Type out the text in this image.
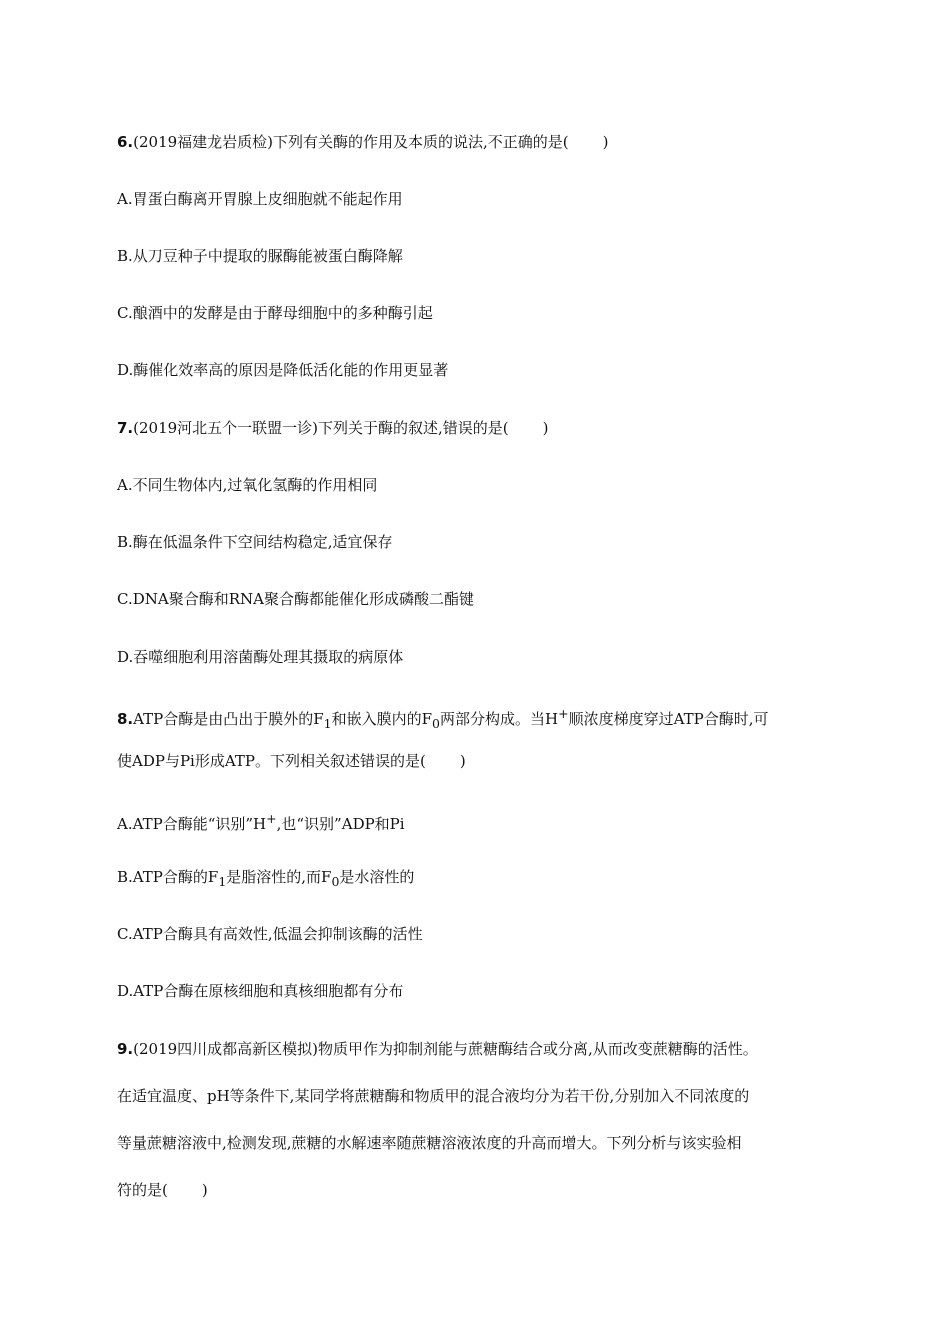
6.(2019福建龙岩质检)下列有关酶的作用及本质的说法,不正确的是( )
A.胃蛋白酶离开胃腺上皮细胞就不能起作用
B.从刀豆种子中提取的脲酶能被蛋白酶降解
C.酿酒中的发酵是由于酵母细胞中的多种酶引起
D.酶催化效率高的原因是降低活化能的作用更显著
7.(2019河北五个一联盟一诊)下列关于酶的叙述,错误的是( )
A.不同生物体内,过氧化氢酶的作用相同
B.酶在低温条件下空间结构稳定,适宜保存
C.DNA聚合酶和RNA聚合酶都能催化形成磷酸二酯键
D.吞噬细胞利用溶菌酶处理其摄取的病原体
8.ATP合酶是由凸出于膜外的$F_1$和嵌入膜内的$F_0$两部分构成。当H+顺浓度梯度穿过ATP合酶时,可
使ADP与Pi形成ATP。下列相关叙述错误的是( )
A.ATP合酶能“识别”H+,也“识别”ADP和Pi
B.ATP合酶的$F_1$是脂溶性的,而$F_0$是水溶性的
C.ATP合酶具有高效性,低温会抑制该酶的活性
D.ATP合酶在原核细胞和真核细胞都有分布
9.(2019四川成都高新区模拟)物质甲作为抑制剂能与蔗糖酶结合或分离,从而改变蔗糖酶的活性。
在适宜温度、pH等条件下,某同学将蔗糖酶和物质甲的混合液均分为若干份,分别加入不同浓度的
等量蔗糖溶液中,检测发现,蔗糖的水解速率随蔗糖溶液浓度的升高而增大。下列分析与该实验相
符的是( )
